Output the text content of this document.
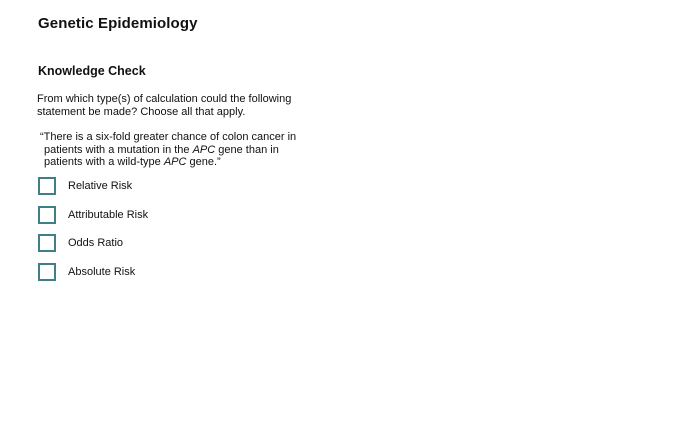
Genetic Epidemiology
Knowledge Check

From which type(s) of calculation could the following statement be made? Choose all that apply.

“There is a six-fold greater chance of colon cancer in
patients with a mutation in the APC gene than in
patients with a wild-type APC gene.”

Relative Risk
Attributable Risk
Odds Ratio
Absolute Risk
